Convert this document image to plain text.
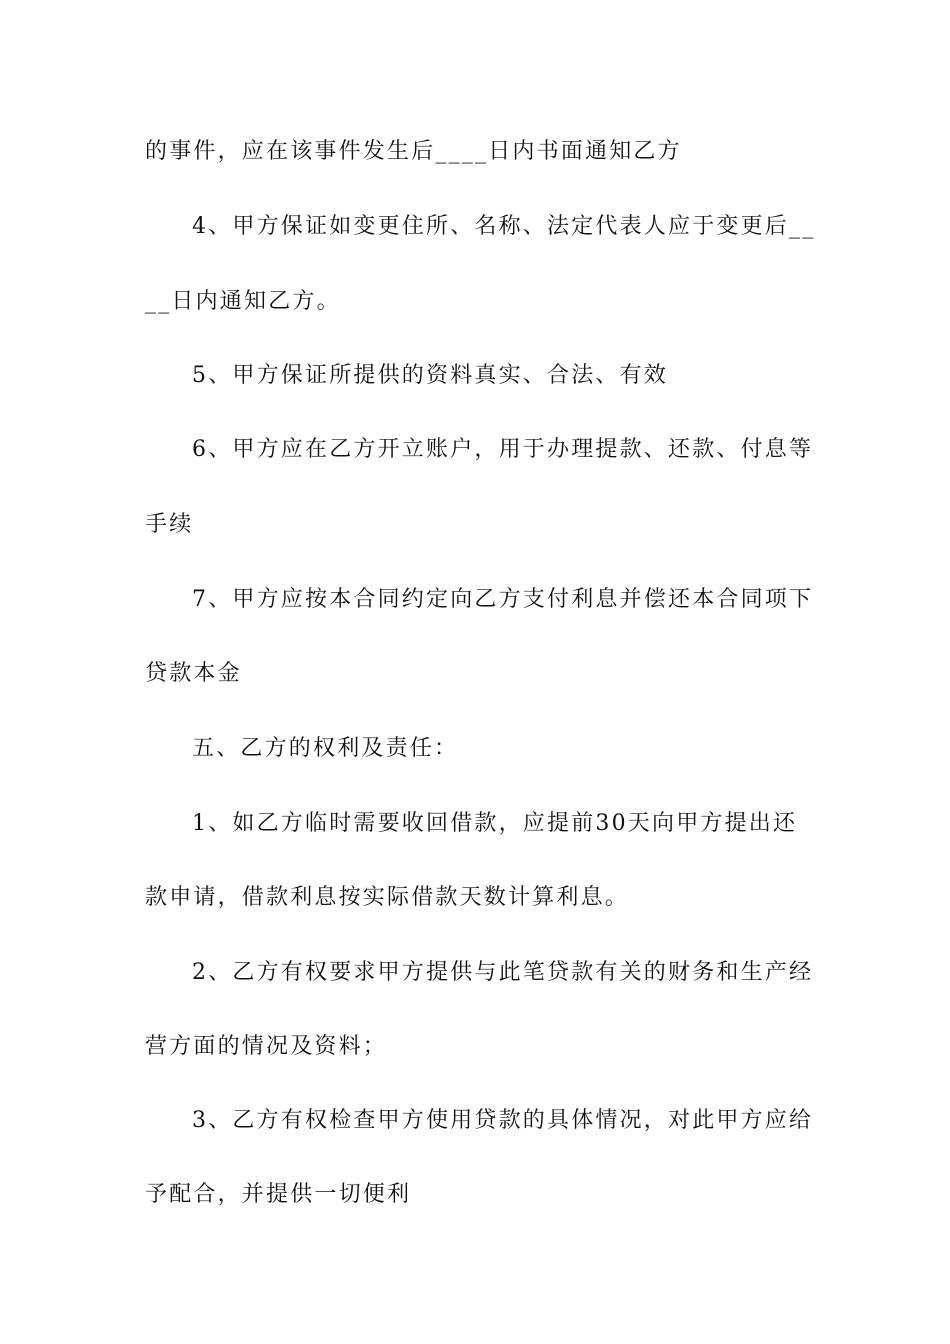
的事件，应在该事件发生后____日内书面通知乙方
4、甲方保证如变更住所、名称、法定代表人应于变更后__
__日内通知乙方。
5、甲方保证所提供的资料真实、合法、有效
6、甲方应在乙方开立账户，用于办理提款、还款、付息等
手续
7、甲方应按本合同约定向乙方支付利息并偿还本合同项下
贷款本金
五、乙方的权利及责任：
1、如乙方临时需要收回借款，应提前30天向甲方提出还
款申请，借款利息按实际借款天数计算利息。
2、乙方有权要求甲方提供与此笔贷款有关的财务和生产经
营方面的情况及资料；
3、乙方有权检查甲方使用贷款的具体情况，对此甲方应给
予配合，并提供一切便利
